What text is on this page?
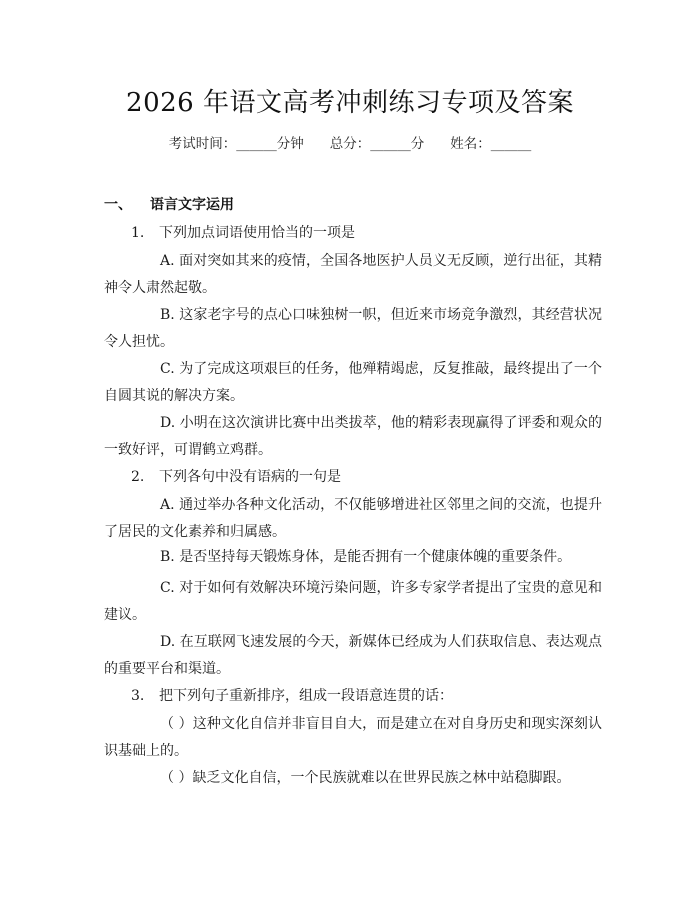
2026 年语文高考冲刺练习专项及答案
考试时间：______分钟 总分：______分 姓名：______
一、 语言文字运用
1. 下列加点词语使用恰当的一项是
A. 面对突如其来的疫情，全国各地医护人员义无反顾，逆行出征，其精神令人肃然起敬。
B. 这家老字号的点心口味独树一帜，但近来市场竞争激烈，其经营状况令人担忧。
C. 为了完成这项艰巨的任务，他殚精竭虑，反复推敲，最终提出了一个自圆其说的解决方案。
D. 小明在这次演讲比赛中出类拔萃，他的精彩表现赢得了评委和观众的一致好评，可谓鹤立鸡群。
2. 下列各句中没有语病的一句是
A. 通过举办各种文化活动，不仅能够增进社区邻里之间的交流，也提升了居民的文化素养和归属感。
B. 是否坚持每天锻炼身体，是能否拥有一个健康体魄的重要条件。
C. 对于如何有效解决环境污染问题，许多专家学者提出了宝贵的意见和建议。
D. 在互联网飞速发展的今天，新媒体已经成为人们获取信息、表达观点的重要平台和渠道。
3. 把下列句子重新排序，组成一段语意连贯的话：
（ ）这种文化自信并非盲目自大，而是建立在对自身历史和现实深刻认识基础上的。
（ ）缺乏文化自信，一个民族就难以在世界民族之林中站稳脚跟。
